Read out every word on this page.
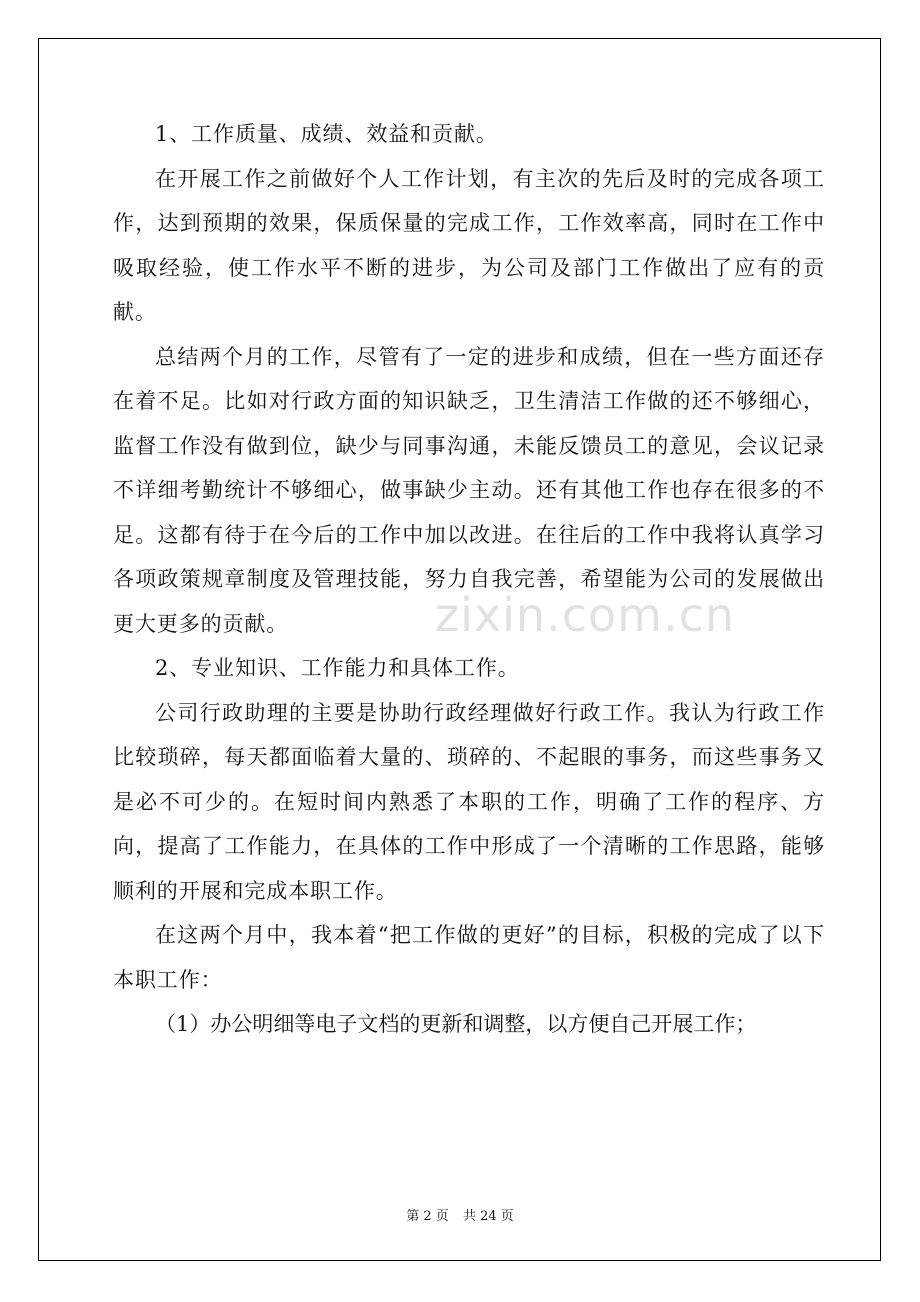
1、工作质量、成绩、效益和贡献。

在开展工作之前做好个人工作计划，有主次的先后及时的完成各项工作，达到预期的效果，保质保量的完成工作，工作效率高，同时在工作中吸取经验，使工作水平不断的进步，为公司及部门工作做出了应有的贡献。

总结两个月的工作，尽管有了一定的进步和成绩，但在一些方面还存在着不足。比如对行政方面的知识缺乏，卫生清洁工作做的还不够细心，监督工作没有做到位，缺少与同事沟通，未能反馈员工的意见，会议记录不详细考勤统计不够细心，做事缺少主动。还有其他工作也存在很多的不足。这都有待于在今后的工作中加以改进。在往后的工作中我将认真学习各项政策规章制度及管理技能，努力自我完善，希望能为公司的发展做出更大更多的贡献。

2、专业知识、工作能力和具体工作。

公司行政助理的主要是协助行政经理做好行政工作。我认为行政工作比较琐碎，每天都面临着大量的、琐碎的、不起眼的事务，而这些事务又是必不可少的。在短时间内熟悉了本职的工作，明确了工作的程序、方向，提高了工作能力，在具体的工作中形成了一个清晰的工作思路，能够顺利的开展和完成本职工作。

在这两个月中，我本着“把工作做的更好”的目标，积极的完成了以下本职工作：

（1）办公明细等电子文档的更新和调整，以方便自己开展工作；

zixin.com.cn
第 2 页 共 24 页
